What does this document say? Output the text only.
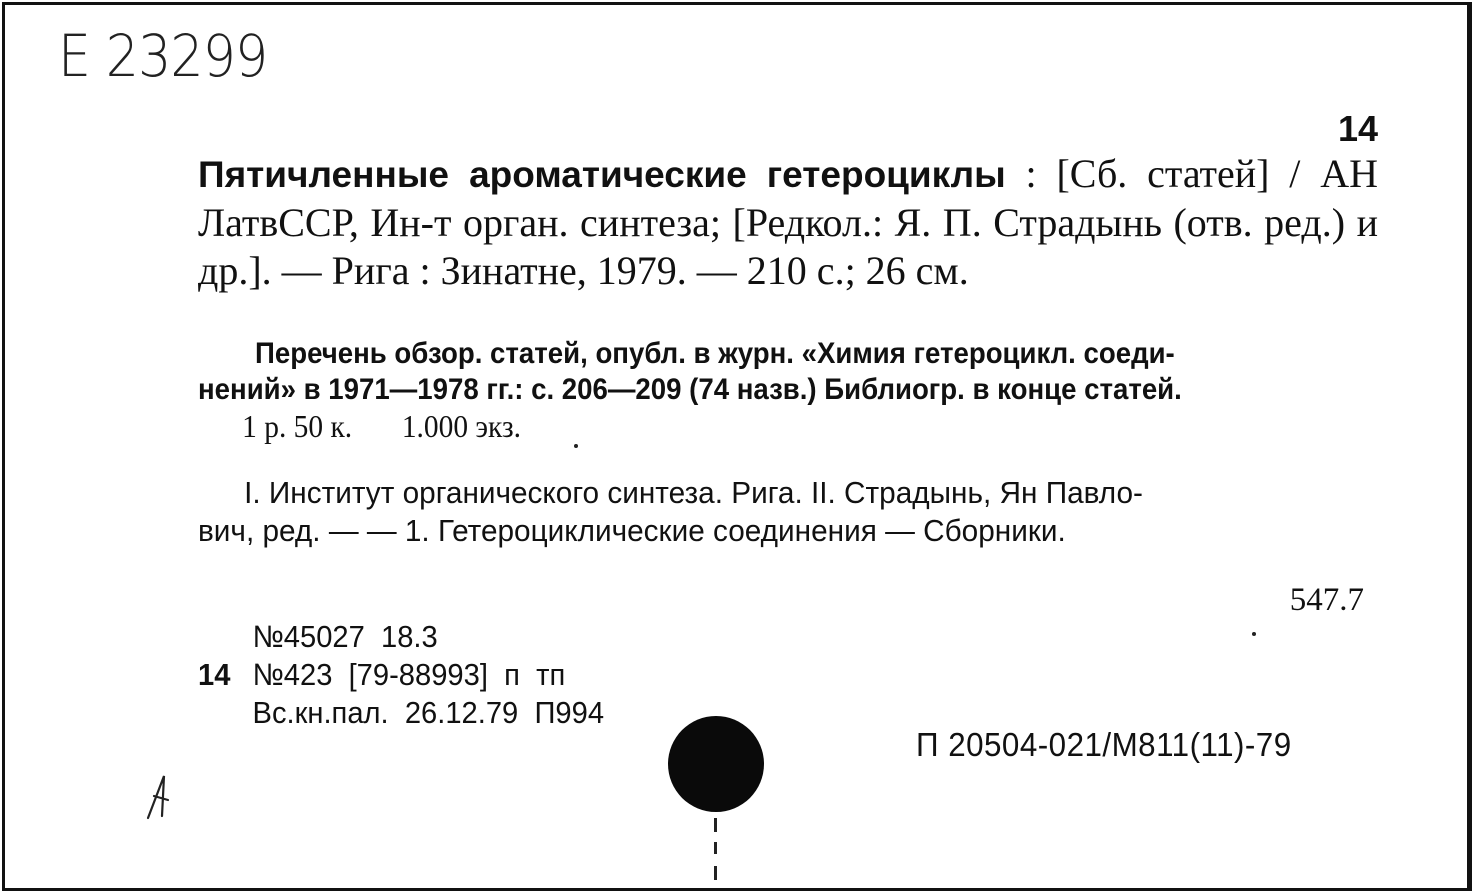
E 23299
14
Пятичленные ароматические гетероциклы : [Сб. статей] / АН ЛатвССР, Ин-т орган. синтеза; [Редкол.: Я. П. Страдынь (отв. ред.) и др.]. — Рига : Зинатне, 1979. — 210 с.; 26 см.
Перечень обзор. статей, опубл. в журн. «Химия гетероцикл. соеди-
нений» в 1971—1978 гг.: с. 206—209 (74 назв.) Библиогр. в конце статей.
1 р. 50 к. 1.000 экз.
I. Институт органического синтеза. Рига. II. Страдынь, Ян Павло-
вич, ред. — — 1. Гетероциклические соединения — Сборники.
547.7
№45027  18.3
14 №423  [79-88993]  п  тп
Вс.кн.пал.  26.12.79  П994
П 20504-021/М811(11)-79
